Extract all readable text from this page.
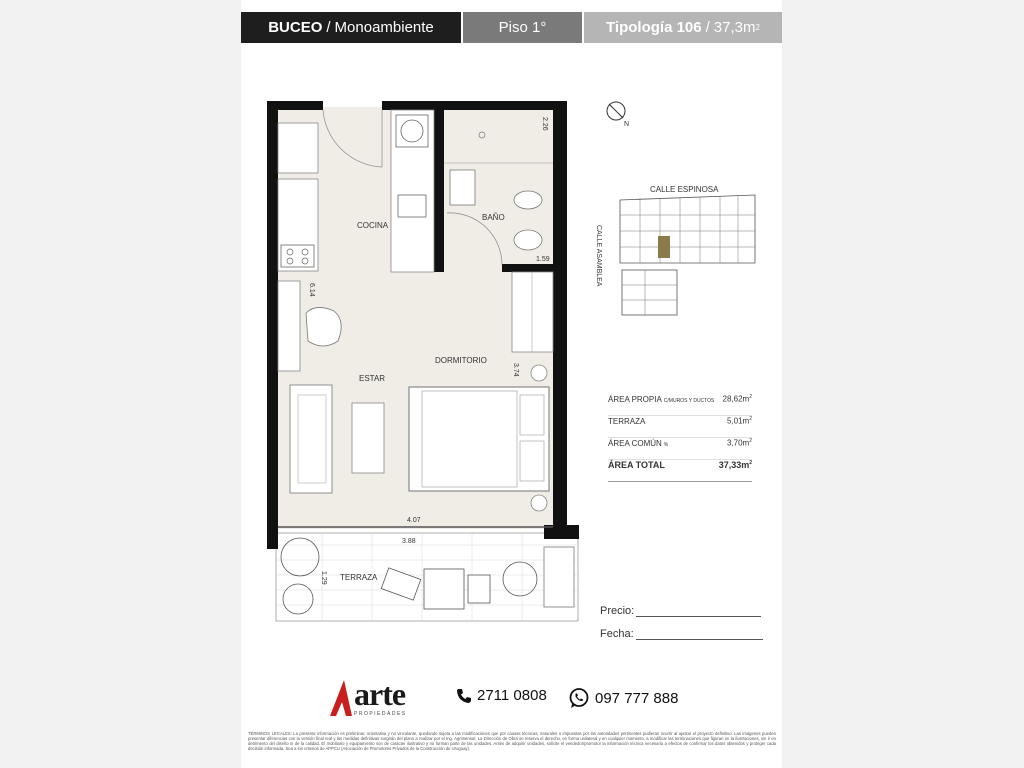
BUCEO / Monoambiente	Piso 1°	Tipología 106 / 37,3m 2
COCINA
BAÑO
DORMITORIO
ESTAR
TERRAZA
2.26
1.59
6.14
3.74
4.07
3.88
1.29
N
CALLE ESPINOSA
CALLE ASAMBLEA
ÁREA PROPIA C/MUROS Y DUCTOS $28,62m^2$
TERRAZA	$5,01m^2$
ÁREA COMÚN %	$3,70m^2$
ÁREA TOTAL	$37,33m^2$
Precio:
Fecha:
arte
PROPIEDADES
2711 0808	097 777 888
TÉRMINOS LEGALES: La presente información es preliminar, orientativa y no vinculante, quedando sujeta a las modificaciones que por causas técnicas, naturales o impuestas por las autoridades pertinentes pudieran ocurrir al ajustar el proyecto definitivo. Las imágenes pueden presentar diferencias con la versión final real y las medidas definitivas surgirán del plano a realizar por el Ing. Agrimensor. La Dirección de Obra se reserva el derecho, en forma unilateral y en cualquier momento, a modificar las terminaciones que figuran en la ilustraciones, sin ir en detrimento del diseño ni de la calidad. El mobiliario y equipamiento son de carácter ilustrativo y no forman parte de las unidades. Antes de adquirir unidades, solicite el vendedor/promotor la información técnica necesaria a efectos de confirmar los datos obtenidos y proteger cada decisión informada. Sea a los criterios de APPCU (Asociación de Promotores Privados de la Construcción de Uruguay).
